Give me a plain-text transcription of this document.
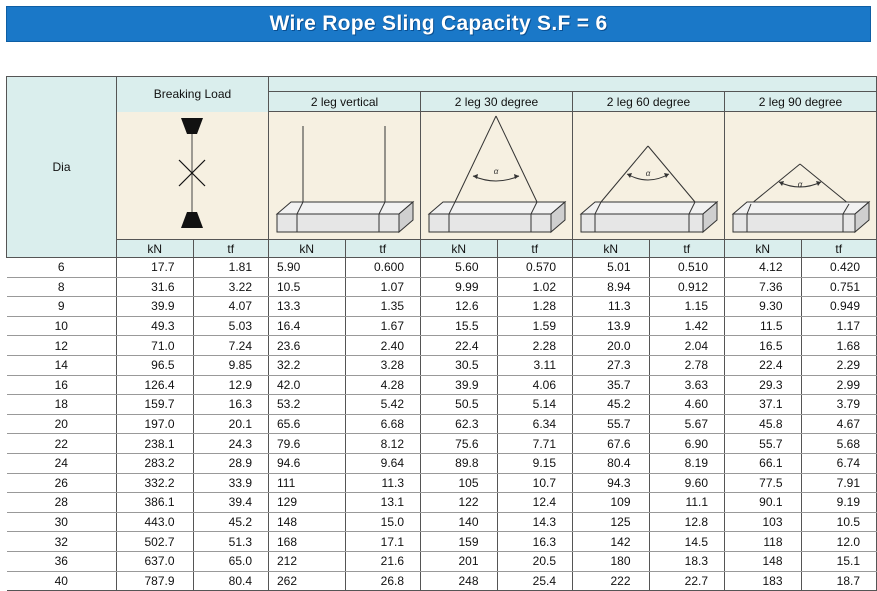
Wire Rope Sling Capacity S.F = 6
Dia	Breaking Load									
			2 leg vertical		2 leg 30 degree		2 leg 60 degree		2 leg 90 degree	

α		α		α	

	kN	tf	kN	tf	kN	tf	kN	tf	kN	tf
6	17.7	1.81	5.90	0.600	5.60	0.570	5.01	0.510	4.12	0.420
8	31.6	3.22	10.5	1.07	9.99	1.02	8.94	0.912	7.36	0.751
9	39.9	4.07	13.3	1.35	12.6	1.28	11.3	1.15	9.30	0.949
10	49.3	5.03	16.4	1.67	15.5	1.59	13.9	1.42	11.5	1.17
12	71.0	7.24	23.6	2.40	22.4	2.28	20.0	2.04	16.5	1.68
14	96.5	9.85	32.2	3.28	30.5	3.11	27.3	2.78	22.4	2.29
16	126.4	12.9	42.0	4.28	39.9	4.06	35.7	3.63	29.3	2.99
18	159.7	16.3	53.2	5.42	50.5	5.14	45.2	4.60	37.1	3.79
20	197.0	20.1	65.6	6.68	62.3	6.34	55.7	5.67	45.8	4.67
22	238.1	24.3	79.6	8.12	75.6	7.71	67.6	6.90	55.7	5.68
24	283.2	28.9	94.6	9.64	89.8	9.15	80.4	8.19	66.1	6.74
26	332.2	33.9	111	11.3	105	10.7	94.3	9.60	77.5	7.91
28	386.1	39.4	129	13.1	122	12.4	109	11.1	90.1	9.19
30	443.0	45.2	148	15.0	140	14.3	125	12.8	103	10.5
32	502.7	51.3	168	17.1	159	16.3	142	14.5	118	12.0
36	637.0	65.0	212	21.6	201	20.5	180	18.3	148	15.1
40	787.9	80.4	262	26.8	248	25.4	222	22.7	183	18.7
